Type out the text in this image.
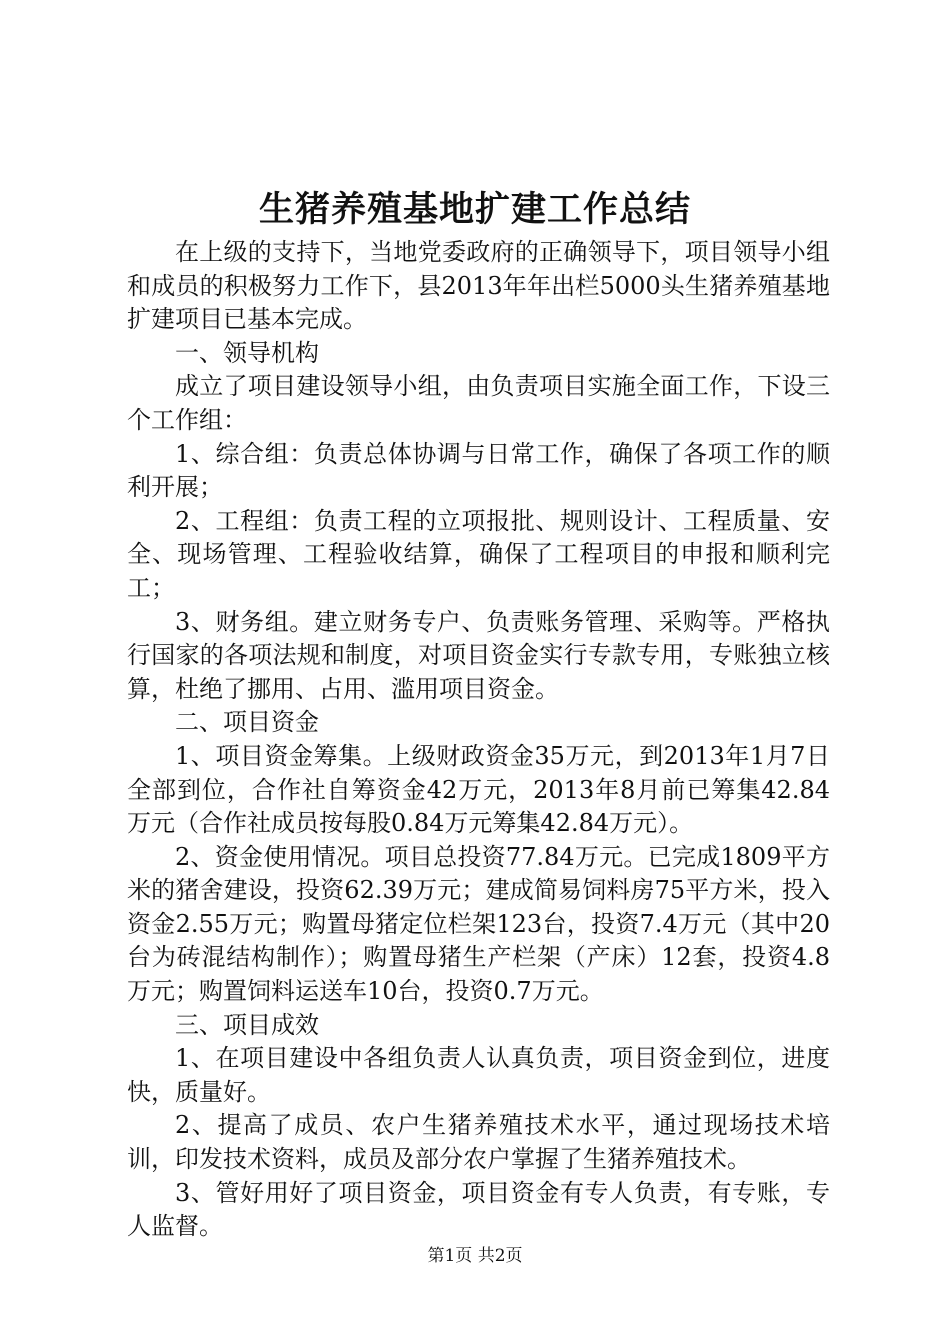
生猪养殖基地扩建工作总结

在上级的支持下，当地党委政府的正确领导下，项目领导小组和成员的积极努力工作下，县2013年年出栏5000头生猪养殖基地扩建项目已基本完成。

一、领导机构

成立了项目建设领导小组，由负责项目实施全面工作，下设三个工作组：

1、综合组：负责总体协调与日常工作，确保了各项工作的顺利开展；

2、工程组：负责工程的立项报批、规则设计、工程质量、安全、现场管理、工程验收结算，确保了工程项目的申报和顺利完工；

3、财务组。建立财务专户、负责账务管理、采购等。严格执行国家的各项法规和制度，对项目资金实行专款专用，专账独立核算，杜绝了挪用、占用、滥用项目资金。

二、项目资金

1、项目资金筹集。上级财政资金35万元，到2013年1月7日全部到位，合作社自筹资金42万元，2013年8月前已筹集42.84万元（合作社成员按每股0.84万元筹集42.84万元）。

2、资金使用情况。项目总投资77.84万元。已完成1809平方米的猪舍建设，投资62.39万元；建成简易饲料房75平方米，投入资金2.55万元；购置母猪定位栏架123台，投资7.4万元（其中20台为砖混结构制作）；购置母猪生产栏架（产床）12套，投资4.8万元；购置饲料运送车10台，投资0.7万元。

三、项目成效

1、在项目建设中各组负责人认真负责，项目资金到位，进度快，质量好。

2、提高了成员、农户生猪养殖技术水平，通过现场技术培训，印发技术资料，成员及部分农户掌握了生猪养殖技术。

3、管好用好了项目资金，项目资金有专人负责，有专账，专人监督。

第1页 共2页
